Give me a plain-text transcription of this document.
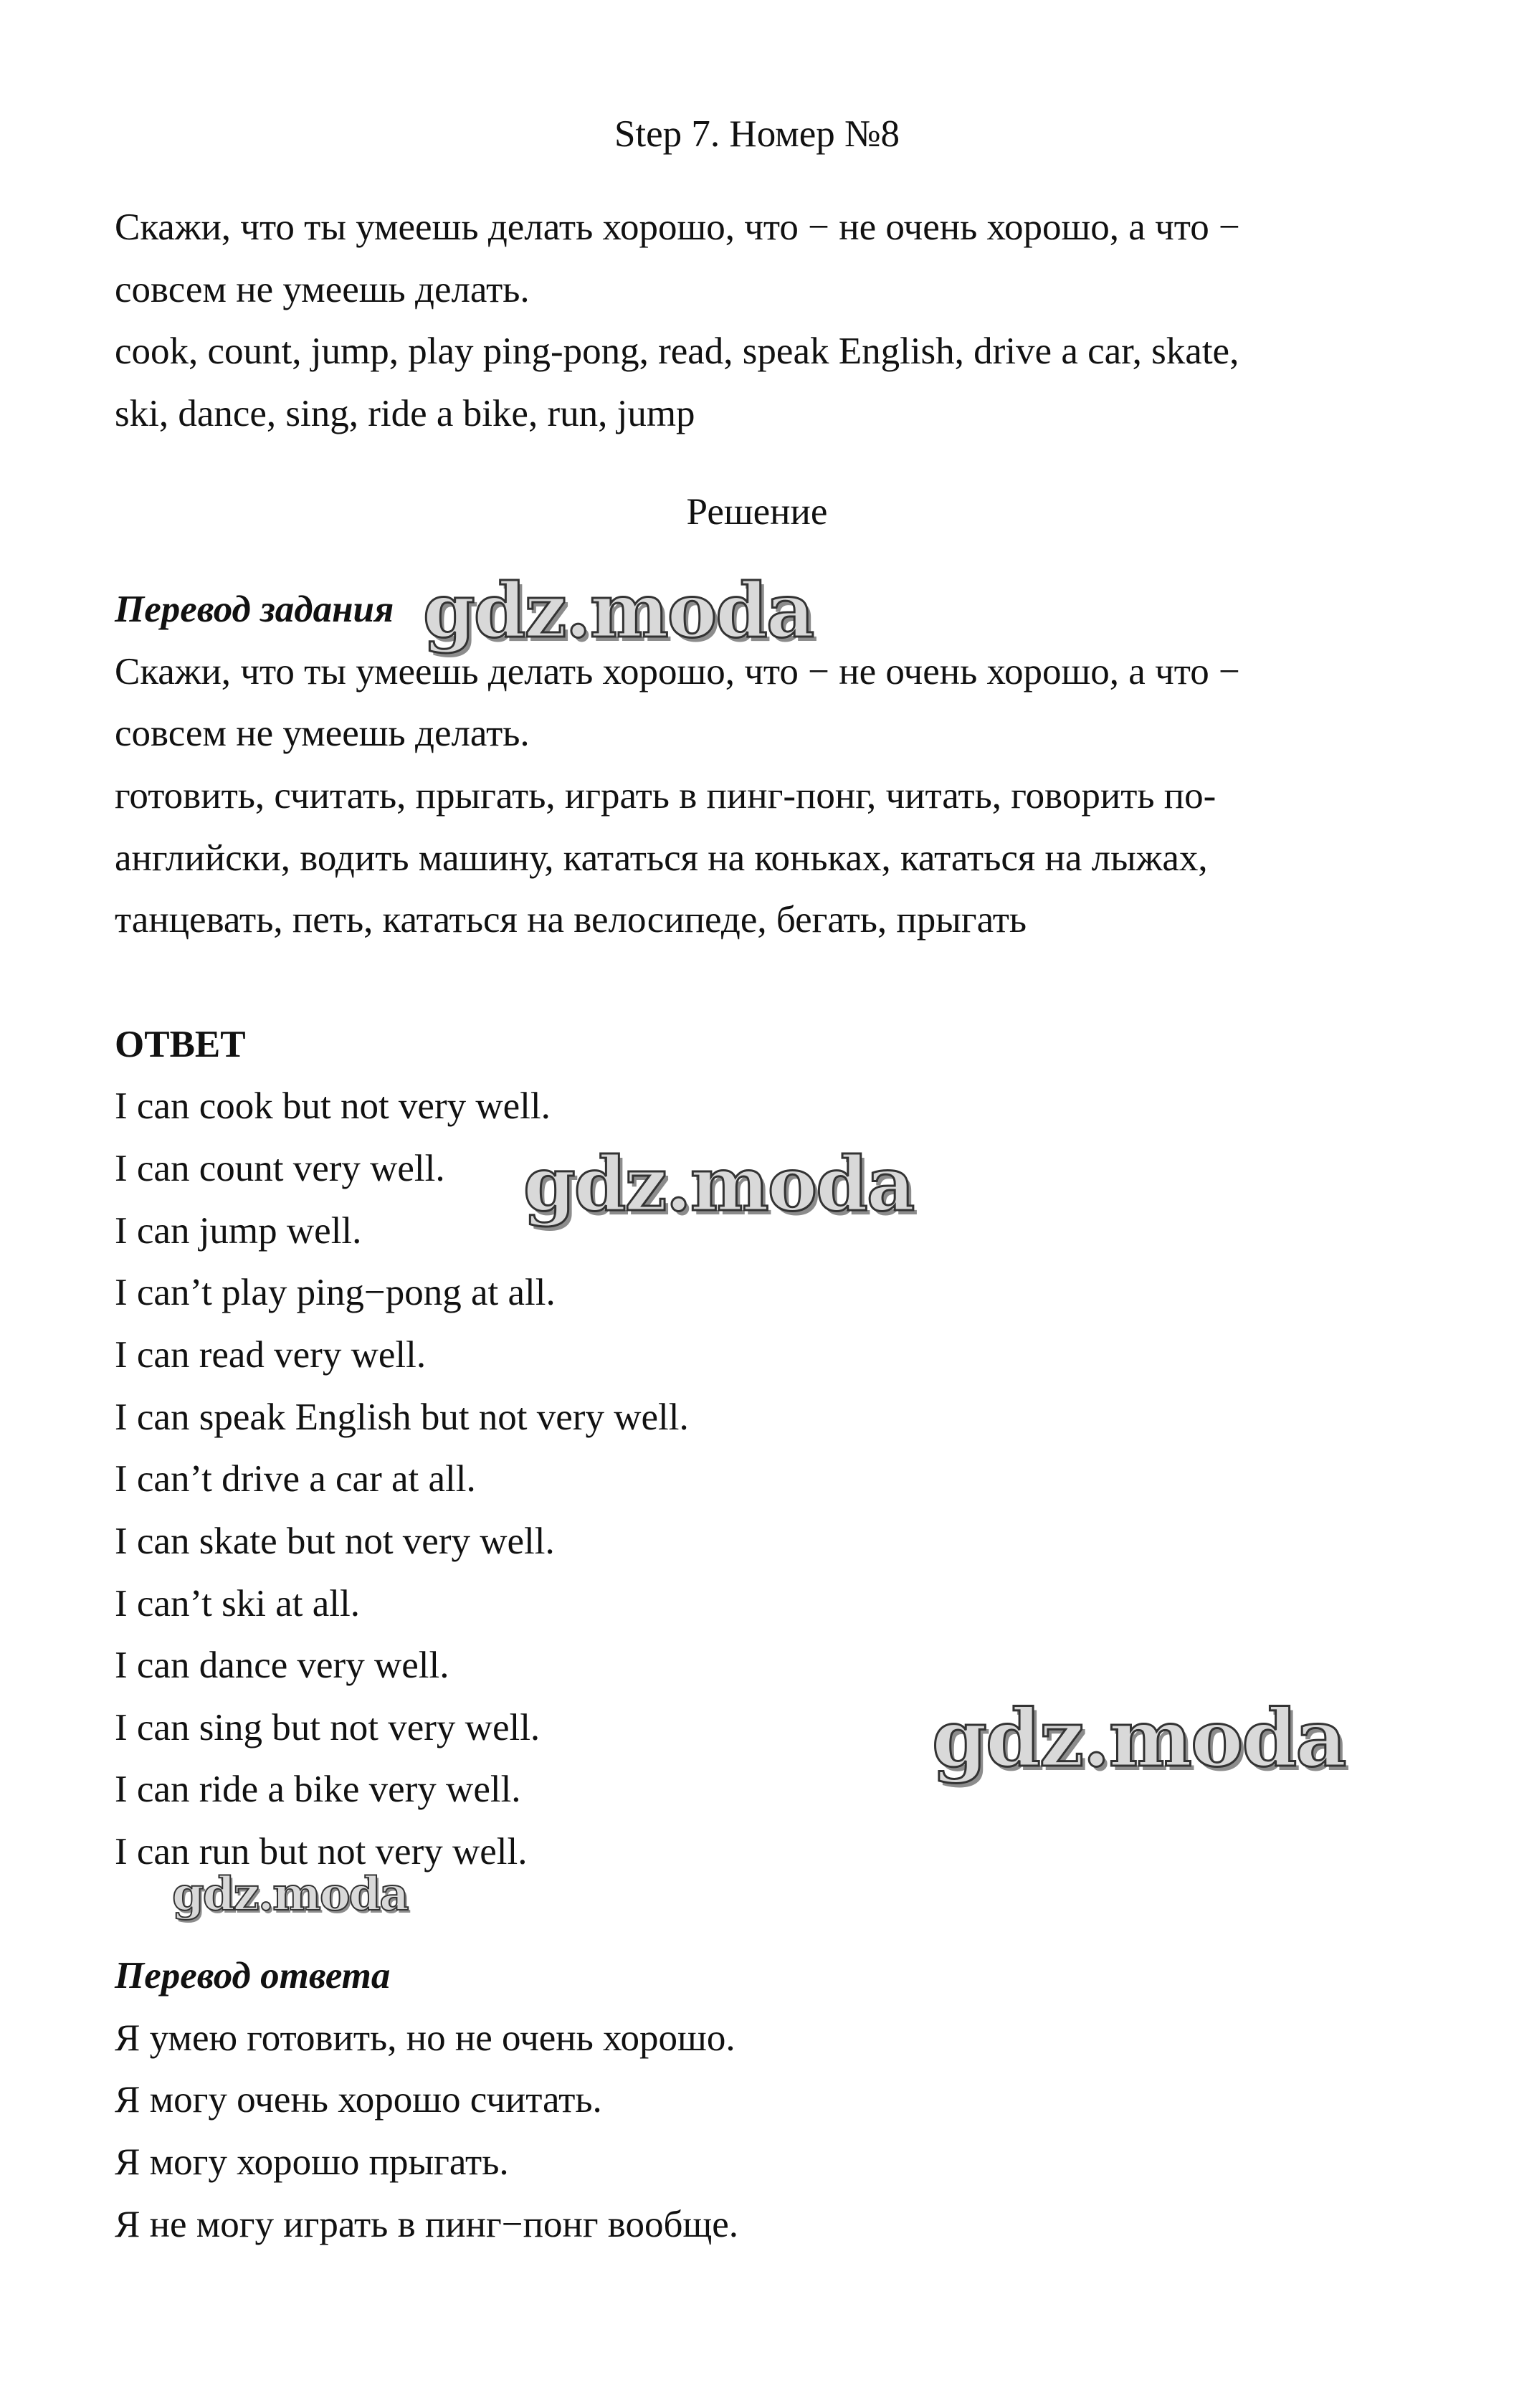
Step 7. Номер №8
Скажи, что ты умеешь делать хорошо, что − не очень хорошо, а что −
совсем не умеешь делать.
cook, count, jump, play ping-pong, read, speak English, drive a car, skate,
ski, dance, sing, ride a bike, run, jump
Решение
Перевод задания
Скажи, что ты умеешь делать хорошо, что − не очень хорошо, а что −
совсем не умеешь делать.
готовить, считать, прыгать, играть в пинг-понг, читать, говорить по-
английски, водить машину, кататься на коньках, кататься на лыжах,
танцевать, петь, кататься на велосипеде, бегать, прыгать
ОТВЕТ
I can cook but not very well.
I can count very well.
I can jump well.
I can’t play ping−pong at all.
I can read very well.
I can speak English but not very well.
I can’t drive a car at all.
I can skate but not very well.
I can’t ski at all.
I can dance very well.
I can sing but not very well.
I can ride a bike very well.
I can run but not very well.
Перевод ответа
Я умею готовить, но не очень хорошо.
Я могу очень хорошо считать.
Я могу хорошо прыгать.
Я не могу играть в пинг−понг вообще.
gdz.moda
gdz.moda
gdz.moda
gdz.moda
